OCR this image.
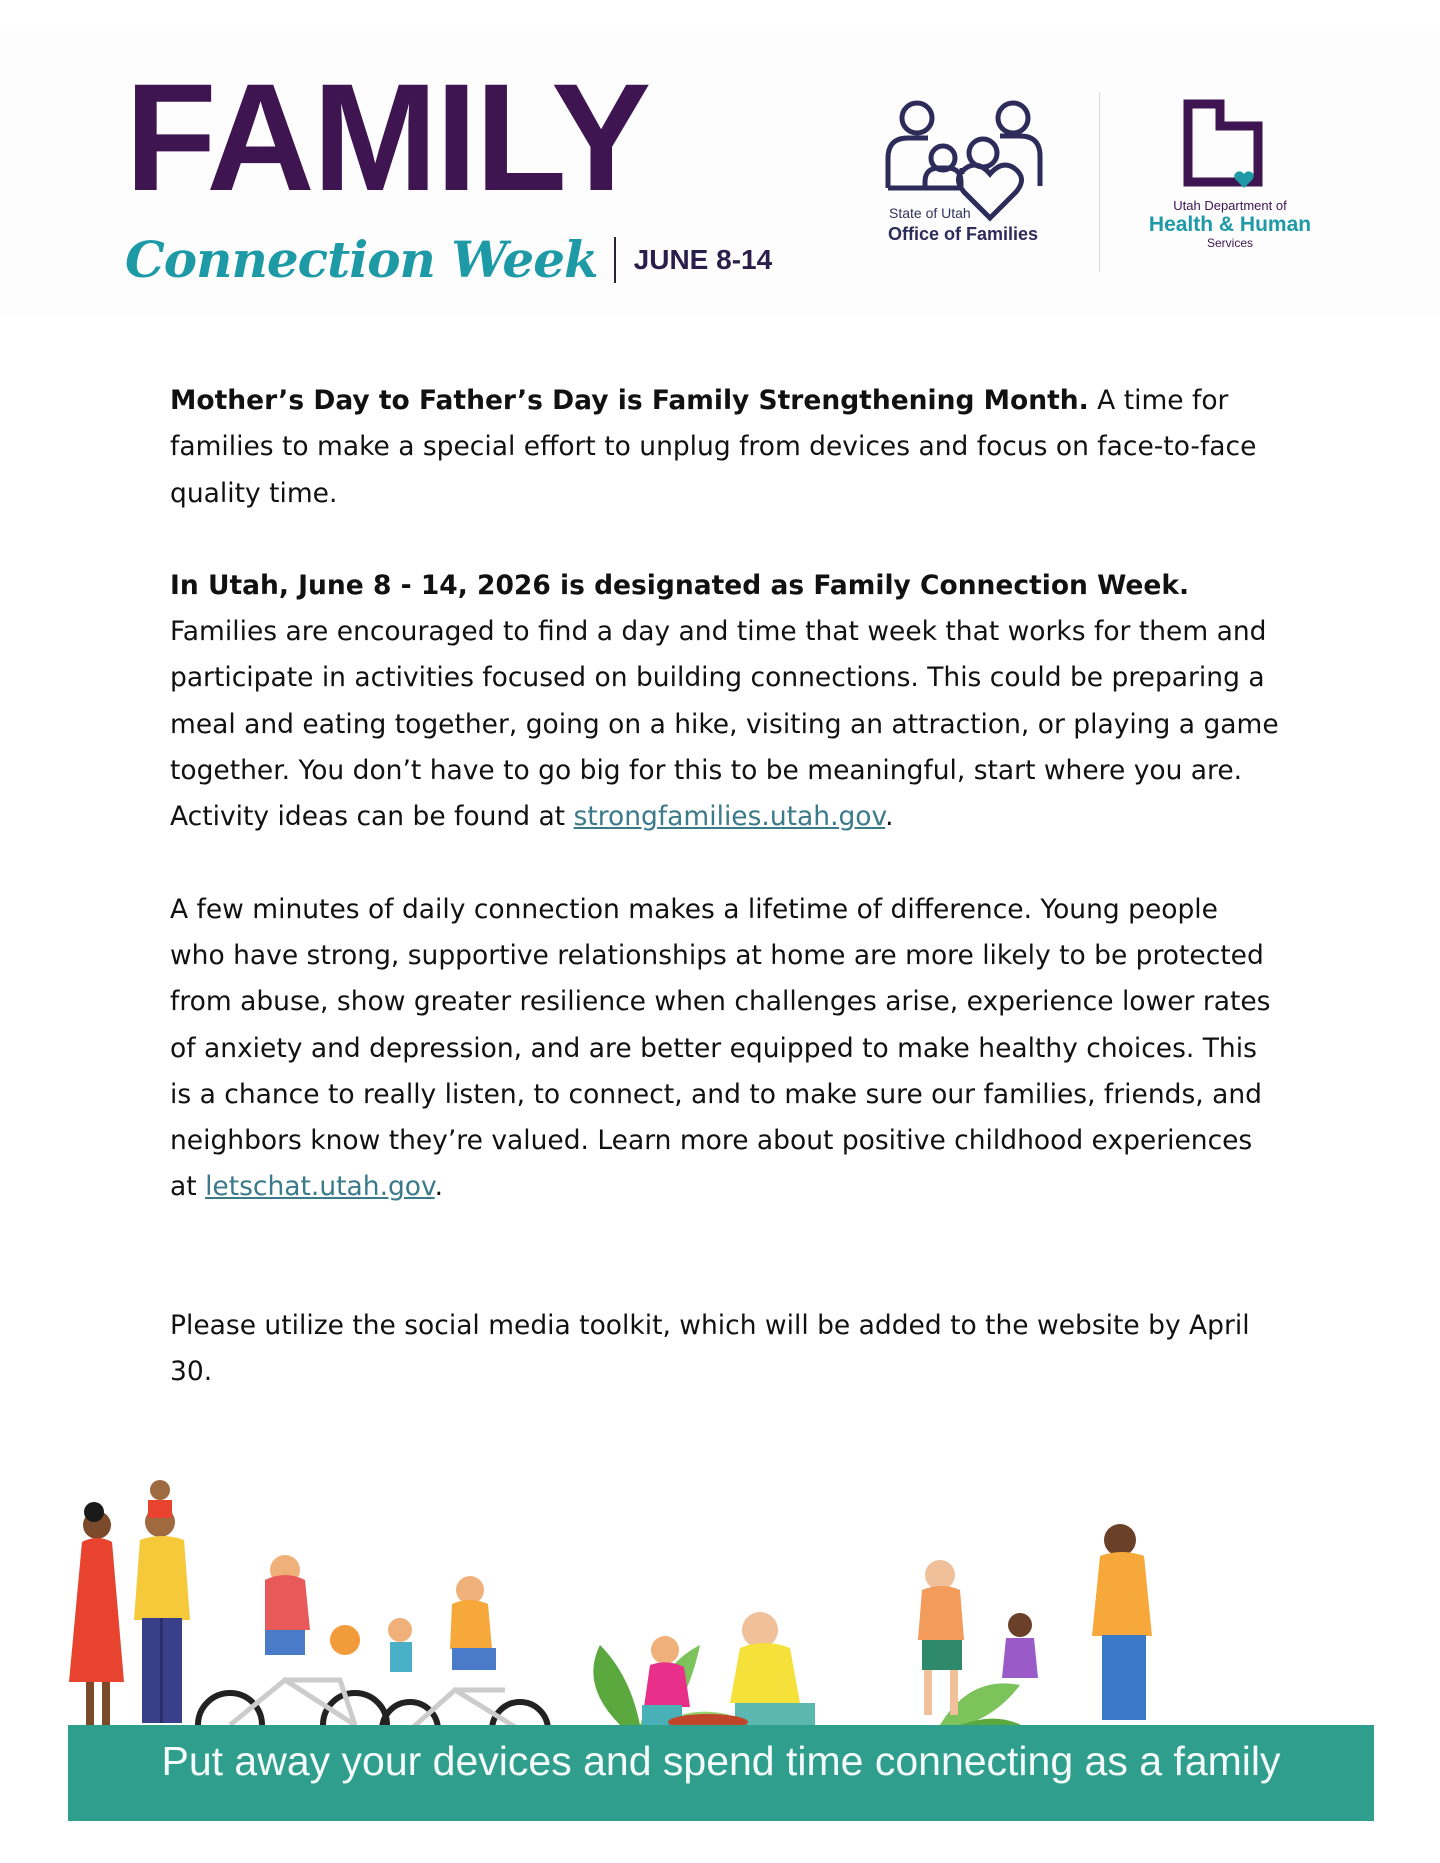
FAMILY
Connection Week JUNE 8-14
State of Utah
Office of Families
Utah Department of
Health & Human
Services

Mother’s Day to Father’s Day is Family Strengthening Month. A time for families to make a special effort to unplug from devices and focus on face-to-face quality time.

In Utah, June 8 - 14, 2026 is designated as Family Connection Week.
Families are encouraged to find a day and time that week that works for them and participate in activities focused on building connections. This could be preparing a meal and eating together, going on a hike, visiting an attraction, or playing a game together. You don’t have to go big for this to be meaningful, start where you are. Activity ideas can be found at strongfamilies.utah.gov.

A few minutes of daily connection makes a lifetime of difference. Young people who have strong, supportive relationships at home are more likely to be protected from abuse, show greater resilience when challenges arise, experience lower rates of anxiety and depression, and are better equipped to make healthy choices. This is a chance to really listen, to connect, and to make sure our families, friends, and neighbors know they’re valued. Learn more about positive childhood experiences at letschat.utah.gov.

Please utilize the social media toolkit, which will be added to the website by April 30.

Put away your devices and spend time connecting as a family
